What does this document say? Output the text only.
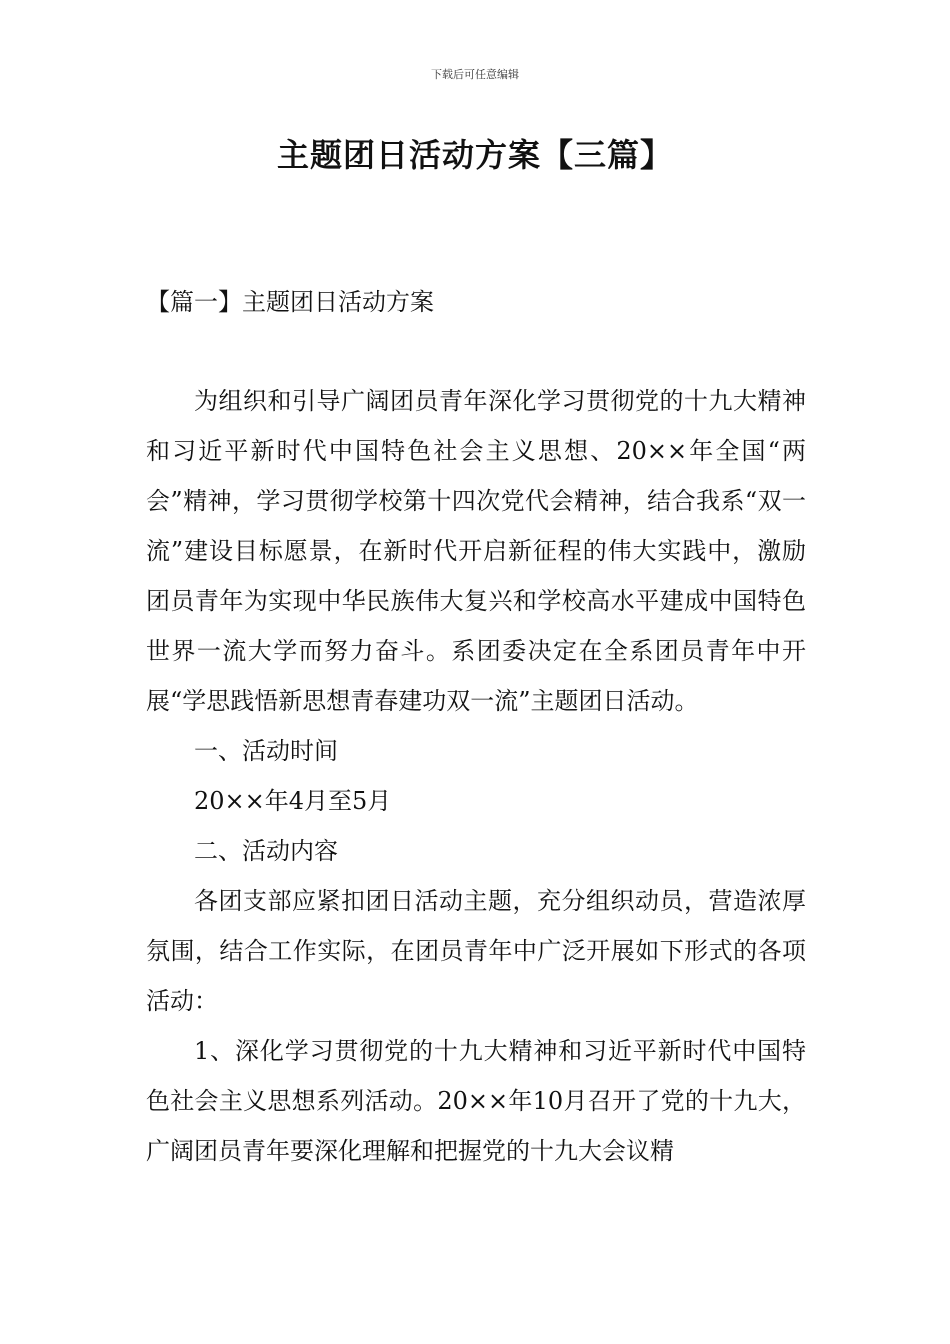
下载后可任意编辑
主题团日活动方案【三篇】
【篇一】主题团日活动方案

为组织和引导广阔团员青年深化学习贯彻党的十九大精神和习近平新时代中国特色社会主义思想、20××年全国“两会”精神，学习贯彻学校第十四次党代会精神，结合我系“双一流”建设目标愿景，在新时代开启新征程的伟大实践中，激励团员青年为实现中华民族伟大复兴和学校高水平建成中国特色世界一流大学而努力奋斗。系团委决定在全系团员青年中开展“学思践悟新思想青春建功双一流”主题团日活动。

一、活动时间

20××年4月至5月

二、活动内容

各团支部应紧扣团日活动主题，充分组织动员，营造浓厚氛围，结合工作实际，在团员青年中广泛开展如下形式的各项活动：

1、深化学习贯彻党的十九大精神和习近平新时代中国特色社会主义思想系列活动。20××年10月召开了党的十九大，广阔团员青年要深化理解和把握党的十九大会议精
